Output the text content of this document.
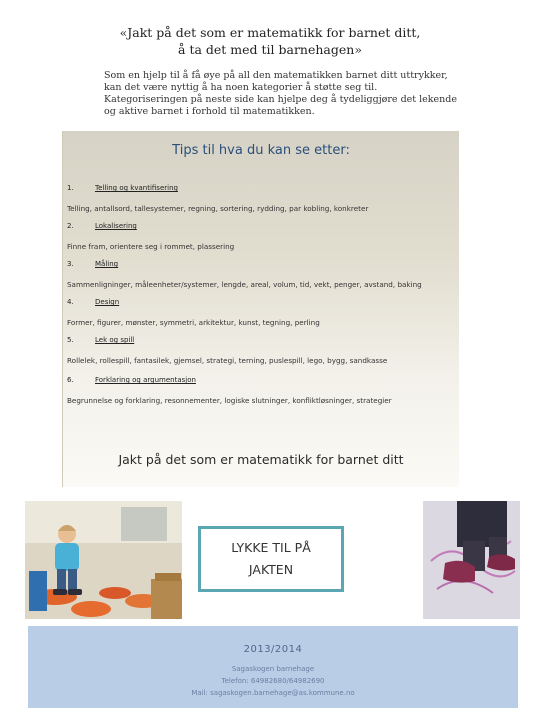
«Jakt på det som er matematikk for barnet ditt,
å ta det med til barnehagen»
Som en hjelp til å få øye på all den matematikken barnet ditt uttrykker,
kan det være nyttig å ha noen kategorier å støtte seg til.
Kategoriseringen på neste side kan hjelpe deg å tydeliggjøre det lekende
og aktive barnet i forhold til matematikken.
Tips til hva du kan se etter:
1.	Telling og kvantifisering
Telling, antallsord, tallesystemer, regning, sortering, rydding, par kobling, konkreter
2.	Lokalisering
Finne fram, orientere seg i rommet, plassering
3.	Måling
Sammenligninger, måleenheter/systemer, lengde, areal, volum, tid, vekt, penger, avstand, baking
4.	Design
Former, figurer, mønster, symmetri, arkitektur, kunst, tegning, perling
5.	Lek og spill
Rollelek, rollespill, fantasilek, gjemsel, strategi, terning, puslespill, lego, bygg, sandkasse
6.	Forklaring og argumentasjon
Begrunnelse og forklaring, resonnementer, logiske slutninger, konfliktløsninger, strategier
Jakt på det som er matematikk for barnet ditt
LYKKE TIL PÅ
JAKTEN
2013/2014
Sagaskogen barnehage
Telefon: 64982680/64982690
Mail: sagaskogen.barnehage@as.kommune.no
